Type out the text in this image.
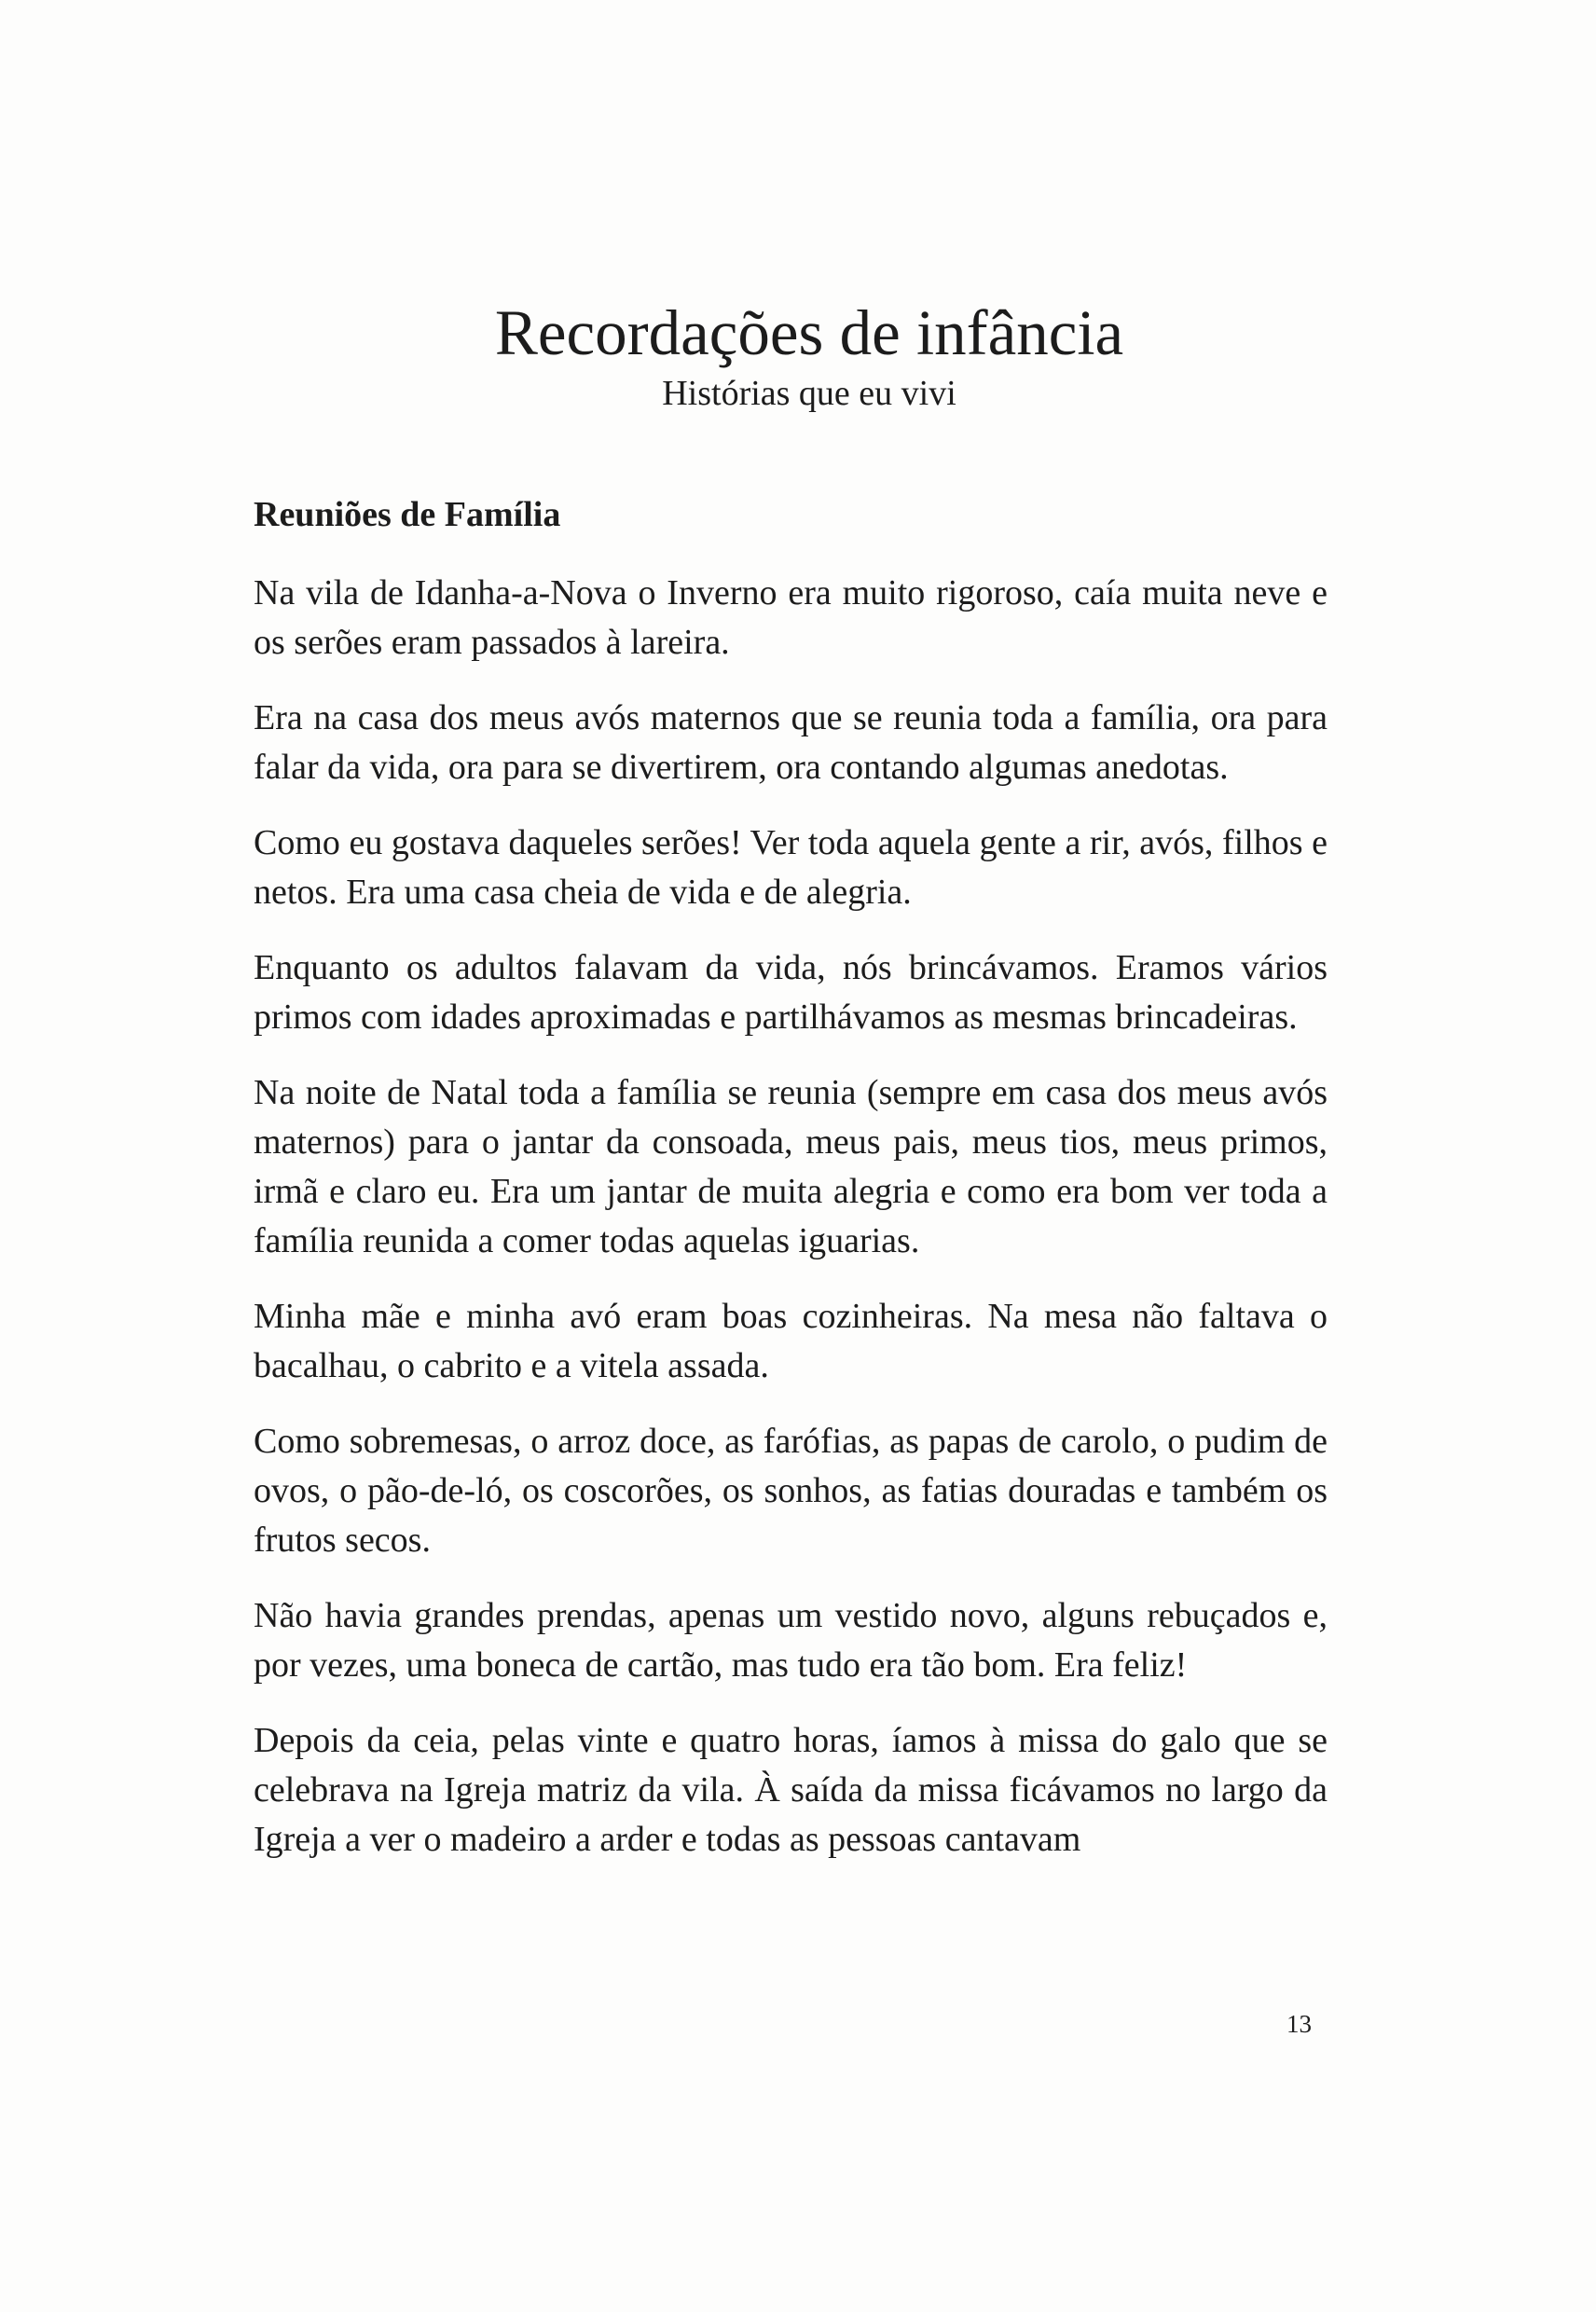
Recordações de infância

Histórias que eu vivi

Reuniões de Família

Na vila de Idanha-a-Nova o Inverno era muito rigoroso, caía muita neve e os serões eram passados à lareira.

Era na casa dos meus avós maternos que se reunia toda a família, ora para falar da vida, ora para se divertirem, ora contando algumas anedotas.

Como eu gostava daqueles serões! Ver toda aquela gente a rir, avós, filhos e netos. Era uma casa cheia de vida e de alegria.

Enquanto os adultos falavam da vida, nós brincávamos. Eramos vários primos com idades aproximadas e partilhávamos as mesmas brincadeiras.

Na noite de Natal toda a família se reunia (sempre em casa dos meus avós maternos) para o jantar da consoada, meus pais, meus tios, meus primos, irmã e claro eu. Era um jantar de muita alegria e como era bom ver toda a família reunida a comer todas aquelas iguarias.

Minha mãe e minha avó eram boas cozinheiras. Na mesa não faltava o bacalhau, o cabrito e a vitela assada.

Como sobremesas, o arroz doce, as farófias, as papas de carolo, o pudim de ovos, o pão-de-ló, os coscorões, os sonhos, as fatias douradas e também os frutos secos.

Não havia grandes prendas, apenas um vestido novo, alguns rebuçados e, por vezes, uma boneca de cartão, mas tudo era tão bom. Era feliz!

Depois da ceia, pelas vinte e quatro horas, íamos à missa do galo que se celebrava na Igreja matriz da vila. À saída da missa ficávamos no largo da Igreja a ver o madeiro a arder e todas as pessoas cantavam

13
